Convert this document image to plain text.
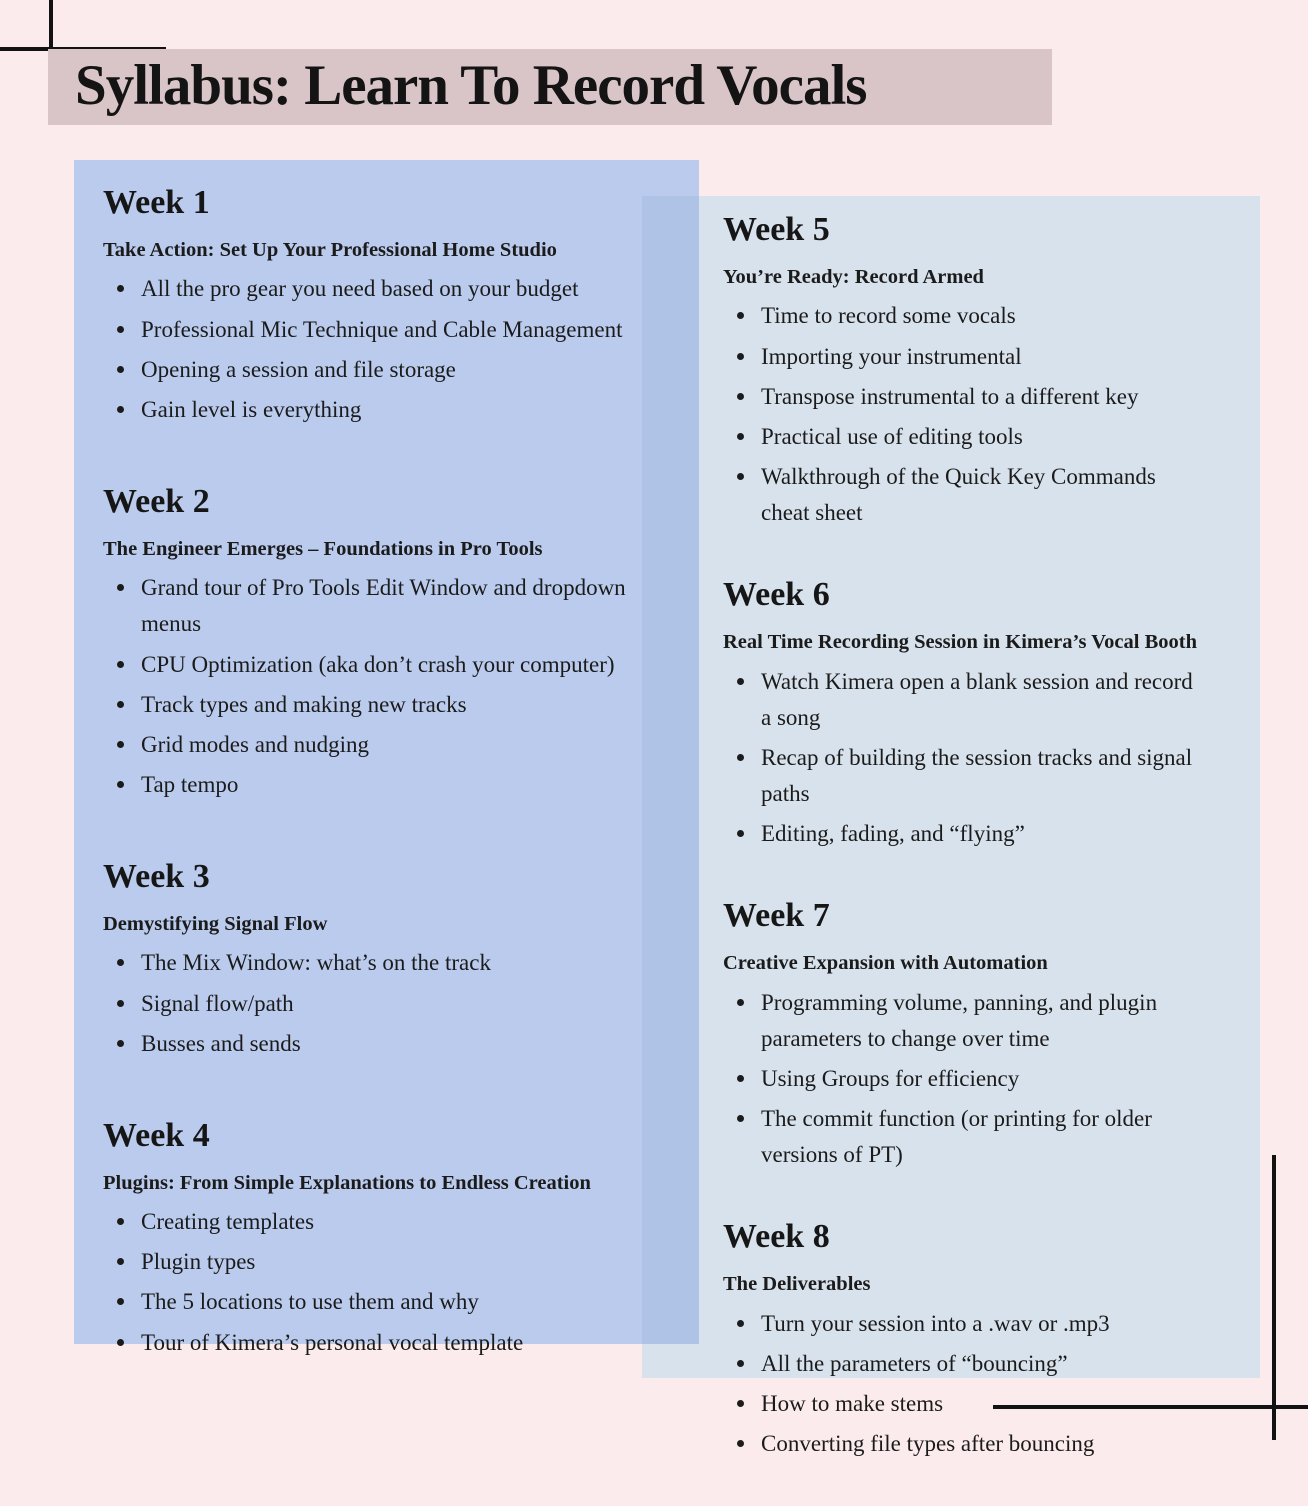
Syllabus: Learn To Record Vocals
Week 1

Take Action: Set Up Your Professional Home Studio

All the pro gear you need based on your budget
Professional Mic Technique and Cable Management
Opening a session and file storage
Gain level is everything
Week 2

The Engineer Emerges – Foundations in Pro Tools

Grand tour of Pro Tools Edit Window and dropdown menus
CPU Optimization (aka don’t crash your computer)
Track types and making new tracks
Grid modes and nudging
Tap tempo
Week 3

Demystifying Signal Flow

The Mix Window: what’s on the track
Signal flow/path
Busses and sends
Week 4

Plugins: From Simple Explanations to Endless Creation

Creating templates
Plugin types
The 5 locations to use them and why
Tour of Kimera’s personal vocal template
Week 5

You’re Ready: Record Armed

Time to record some vocals
Importing your instrumental
Transpose instrumental to a different key
Practical use of editing tools
Walkthrough of the Quick Key Commands cheat sheet
Week 6

Real Time Recording Session in Kimera’s Vocal Booth

Watch Kimera open a blank session and record a song
Recap of building the session tracks and signal paths
Editing, fading, and “flying”
Week 7

Creative Expansion with Automation

Programming volume, panning, and plugin parameters to change over time
Using Groups for efficiency
The commit function (or printing for older versions of PT)
Week 8

The Deliverables

Turn your session into a .wav or .mp3
All the parameters of “bouncing”
How to make stems
Converting file types after bouncing
